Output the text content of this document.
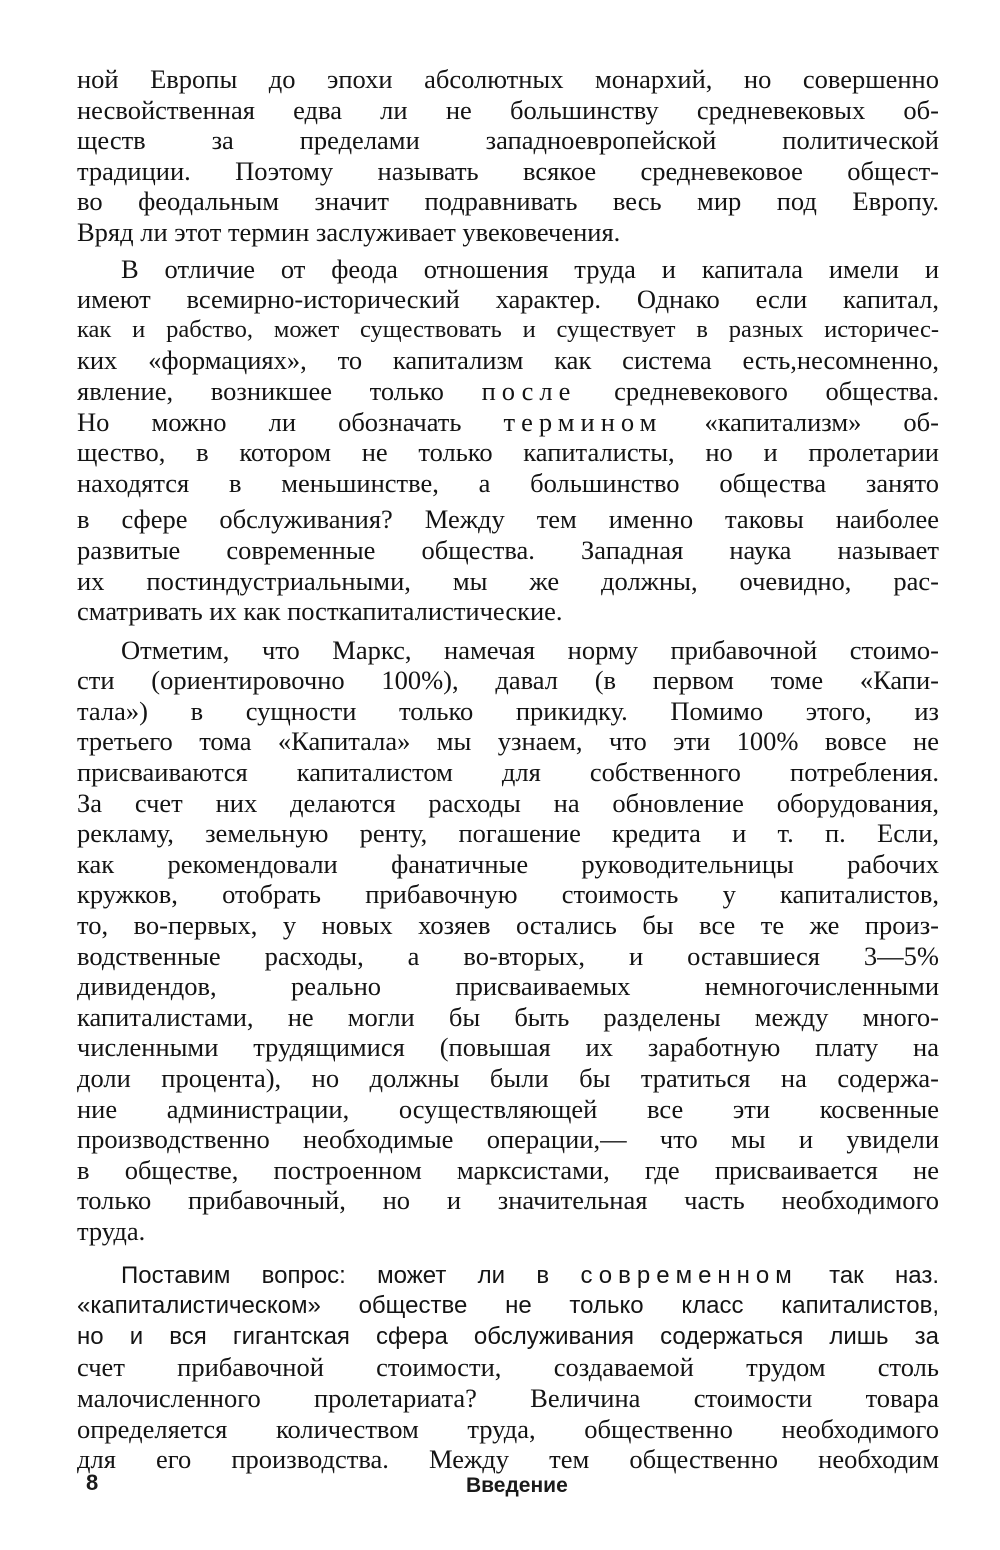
ной Европы до эпохи абсолютных монархий, но совершенно

несвойственная едва ли не большинству средневековых об-

ществ за пределами западноевропейской политической

традиции. Поэтому называть всякое средневековое общест-

во феодальным значит подравнивать весь мир под Европу.

Вряд ли этот термин заслуживает увековечения.

В отличие от феода отношения труда и капитала имели и

имеют всемирно-исторический характер. Однако если капитал,

как и рабство, может существовать и существует в разных историчес-

ких «формациях», то капитализм как система есть,несомненно,

явление, возникшее только после средневекового общества.

Но можно ли обозначать термином «капитализм» об-

щество, в котором не только капиталисты, но и пролетарии

находятся в меньшинстве, а большинство общества занято

в сфере обслуживания? Между тем именно таковы наиболее

развитые современные общества. Западная наука называет

их постиндустриальными, мы же должны, очевидно, рас-

сматривать их как посткапиталистические.

Отметим, что Маркс, намечая норму прибавочной стоимо-

сти (ориентировочно 100%), давал (в первом томе «Капи-

тала») в сущности только прикидку. Помимо этого, из

третьего тома «Капитала» мы узнаем, что эти 100% вовсе не

присваиваются капиталистом для собственного потребления.

За счет них делаются расходы на обновление оборудования,

рекламу, земельную ренту, погашение кредита и т. п. Если,

как рекомендовали фанатичные руководительницы рабочих

кружков, отобрать прибавочную стоимость у капиталистов,

то, во-первых, у новых хозяев остались бы все те же произ-

водственные расходы, а во-вторых, и оставшиеся 3—5%

дивидендов, реально присваиваемых немногочисленными

капиталистами, не могли бы быть разделены между много-

численными трудящимися (повышая их заработную плату на

доли процента), но должны были бы тратиться на содержа-

ние администрации, осуществляющей все эти косвенные

производственно необходимые операции,— что мы и увидели

в обществе, построенном марксистами, где присваивается не

только прибавочный, но и значительная часть необходимого

труда.

Поставим вопрос: может ли в современном так наз.

«капиталистическом» обществе не только класс капиталистов,

но и вся гигантская сфера обслуживания содержаться лишь за

счет прибавочной стоимости, создаваемой трудом столь

малочисленного пролетариата? Величина стоимости товара

определяется количеством труда, общественно необходимого

для его производства. Между тем общественно необходим

8	Введение
